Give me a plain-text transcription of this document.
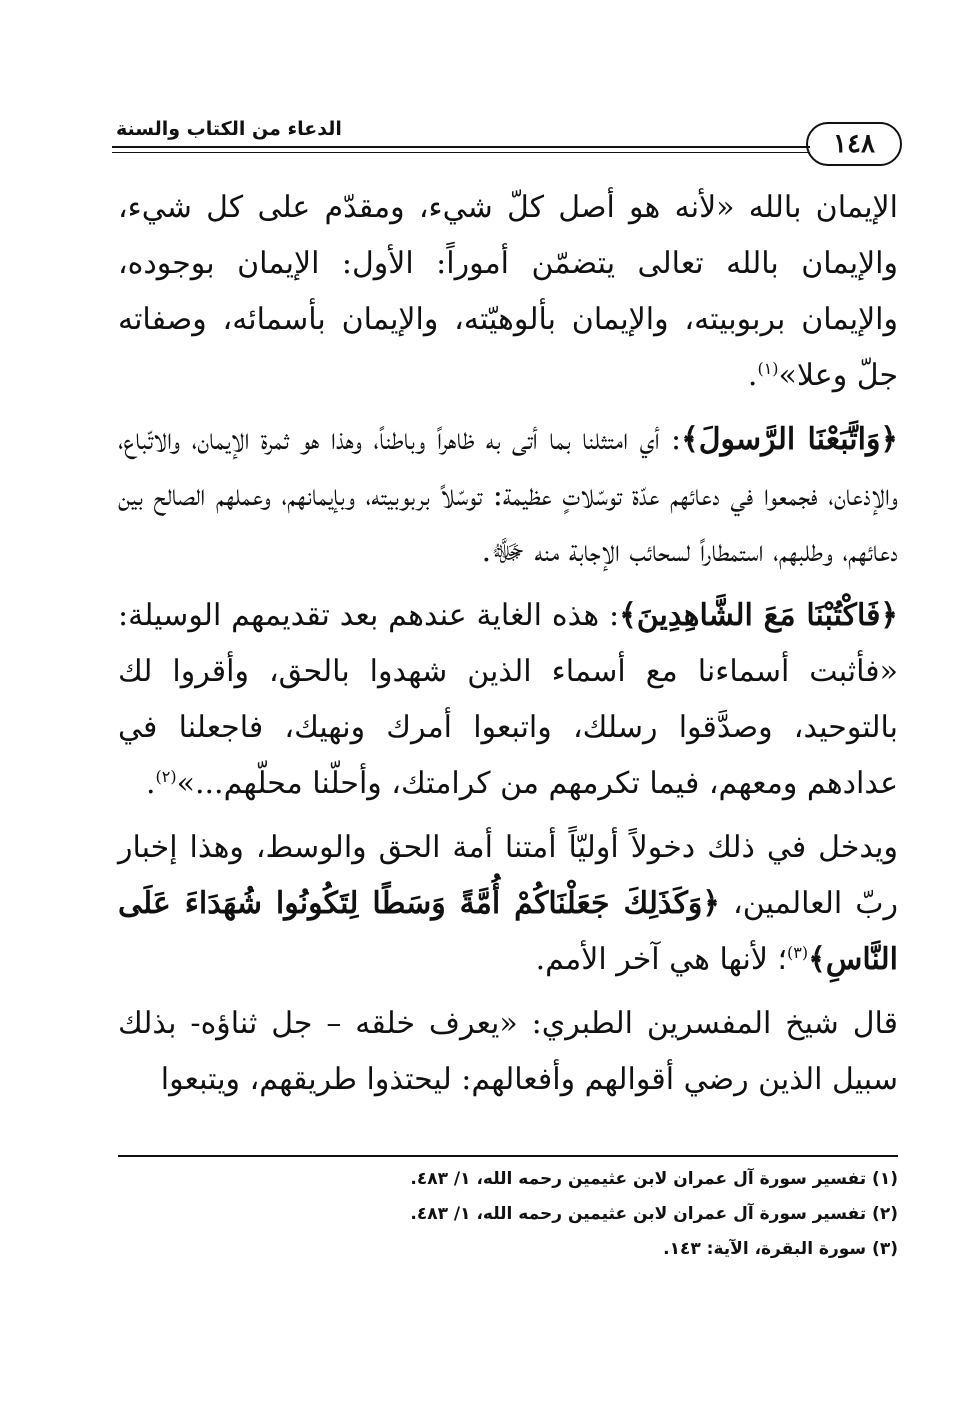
الدعاء من الكتاب والسنة	١٤٨

الإيمان بالله «لأنه هو أصل كلّ شيء، ومقدّم على كل شيء، والإيمان بالله تعالى يتضمّن أموراً: الأول: الإيمان بوجوده، والإيمان بربوبيته، والإيمان بألوهيّته، والإيمان بأسمائه، وصفاته جلّ وعلا»$^{(١)}$.

﴿وَاتَّبَعْنَا الرَّسولَ﴾: أي امتثلنا بما أتى به ظاهراً وباطناً، وهذا هو ثمرة الإيمان، والاتّباع، والإذعان، فجمعوا في دعائهم عدّة توسّلاتٍ عظيمة: توسّلاً بربوبيته، وبإيمانهم، وعملهم الصالح بين دعائهم، وطلبهم، استمطاراً لسحائب الإجابة منه ﷻ.

﴿فَاكْتُبْنَا مَعَ الشَّاهِدِينَ﴾: هذه الغاية عندهم بعد تقديمهم الوسيلة: «فأثبت أسماءنا مع أسماء الذين شهدوا بالحق، وأقروا لك بالتوحيد، وصدَّقوا رسلك، واتبعوا أمرك ونهيك، فاجعلنا في عدادهم ومعهم، فيما تكرمهم من كرامتك، وأحلّنا محلّهم...»$^{(٢)}$.

ويدخل في ذلك دخولاً أوليّاً أمتنا أمة الحق والوسط، وهذا إخبار ربّ العالمين، ﴿وَكَذَلِكَ جَعَلْنَاكُمْ أُمَّةً وَسَطًا لِتَكُونُوا شُهَدَاءَ عَلَى النَّاسِ﴾$^{(٣)}$؛ لأنها هي آخر الأمم.

قال شيخ المفسرين الطبري: «يعرف خلقه – جل ثناؤه- بذلك سبيل الذين رضي أقوالهم وأفعالهم: ليحتذوا طريقهم، ويتبعوا

(١) تفسير سورة آل عمران لابن عثيمين رحمه الله، ١/ ٤٨٣.
(٢) تفسير سورة آل عمران لابن عثيمين رحمه الله، ١/ ٤٨٣.
(٣) سورة البقرة، الآية: ١٤٣.
